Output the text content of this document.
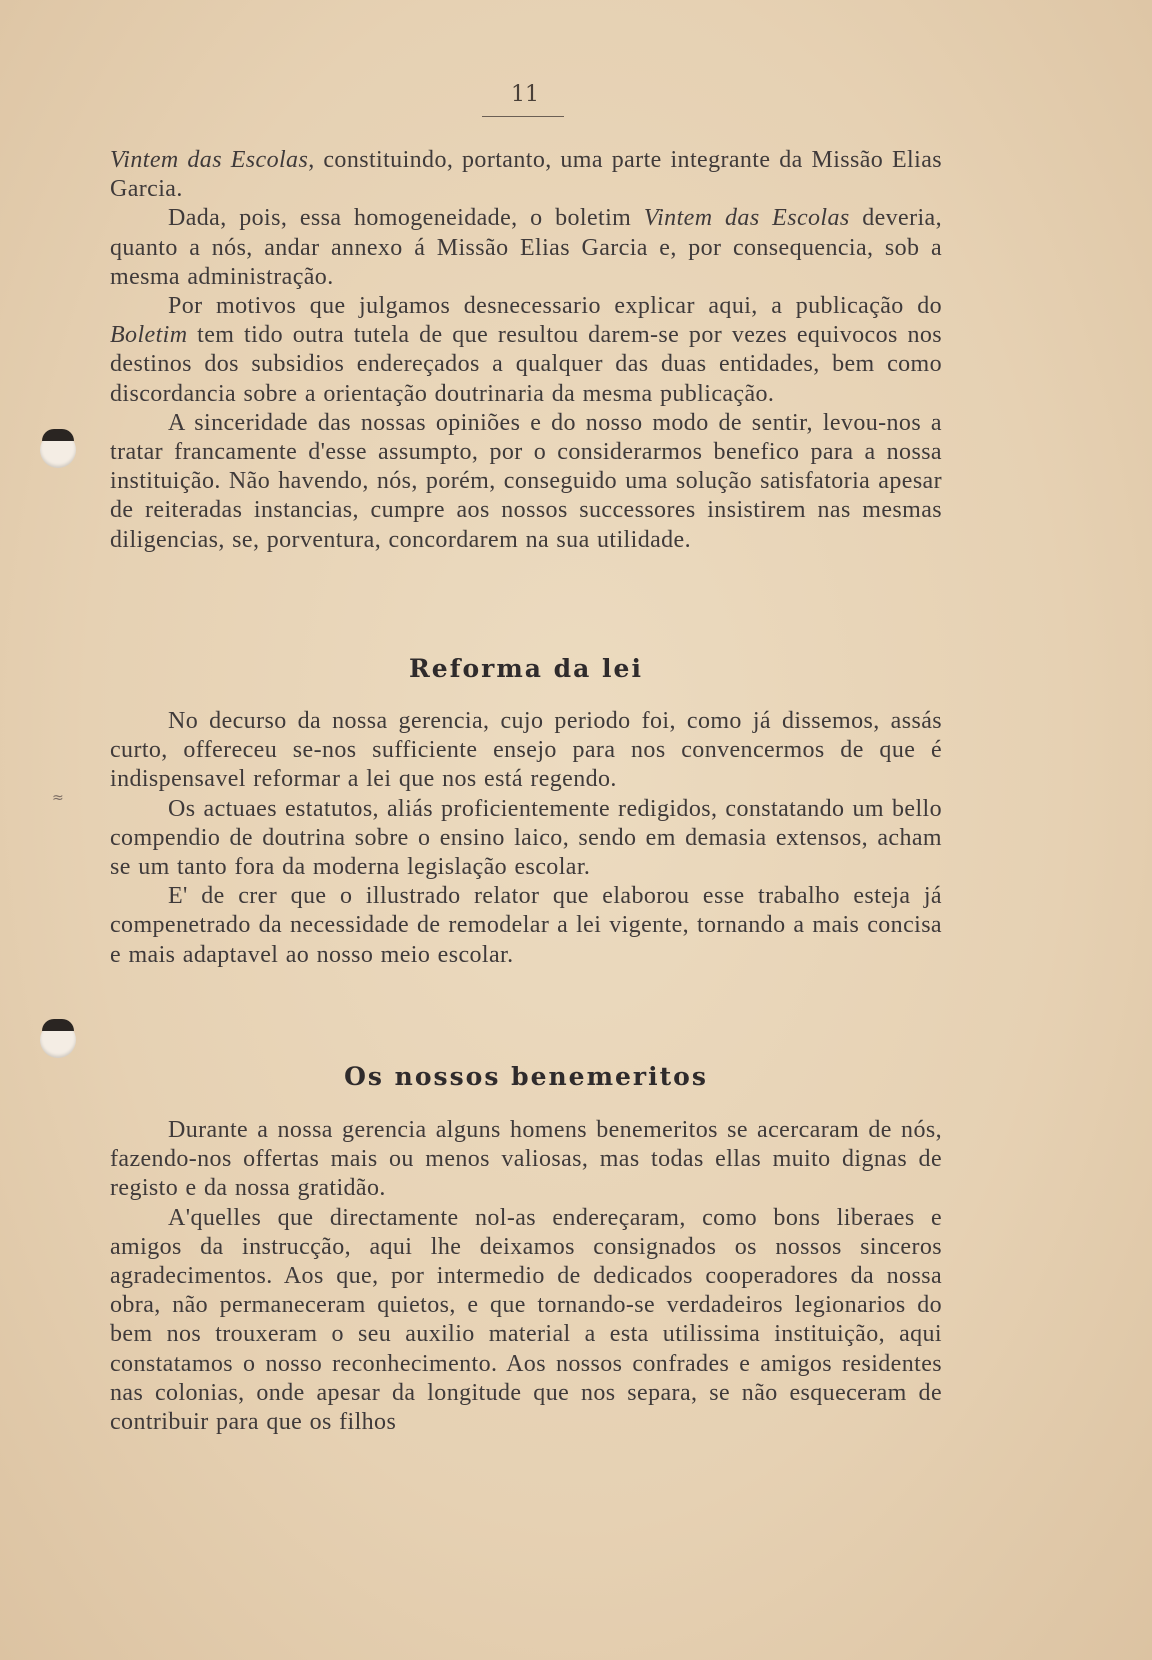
11
≈

Vintem das Escolas, constituindo, portanto, uma parte integrante da Missão Elias Garcia.

Dada, pois, essa homogeneidade, o boletim Vintem das Escolas deveria, quanto a nós, andar annexo á Missão Elias Garcia e, por consequencia, sob a mesma administração.

Por motivos que julgamos desnecessario explicar aqui, a publicação do Boletim tem tido outra tutela de que resultou darem-se por vezes equivocos nos destinos dos subsidios endereçados a qualquer das duas entidades, bem como discordancia sobre a orientação doutrinaria da mesma publicação.

A sinceridade das nossas opiniões e do nosso modo de sentir, levou-nos a tratar francamente d'esse assumpto, por o considerarmos benefico para a nossa instituição. Não havendo, nós, porém, conseguido uma solução satisfatoria apesar de reiteradas instancias, cumpre aos nossos successores insistirem nas mesmas diligencias, se, porventura, concordarem na sua utilidade.

Reforma da lei

No decurso da nossa gerencia, cujo periodo foi, como já dissemos, assás curto, offereceu se-nos sufficiente ensejo para nos convencermos de que é indispensavel reformar a lei que nos está regendo.

Os actuaes estatutos, aliás proficientemente redigidos, constatando um bello compendio de doutrina sobre o ensino laico, sendo em demasia extensos, acham se um tanto fora da moderna legislação escolar.

E' de crer que o illustrado relator que elaborou esse trabalho esteja já compenetrado da necessidade de remodelar a lei vigente, tornando a mais concisa e mais adaptavel ao nosso meio escolar.

Os nossos benemeritos

Durante a nossa gerencia alguns homens benemeritos se acercaram de nós, fazendo-nos offertas mais ou menos valiosas, mas todas ellas muito dignas de registo e da nossa gratidão.

A'quelles que directamente nol-as endereçaram, como bons liberaes e amigos da instrucção, aqui lhe deixamos consignados os nossos sinceros agradecimentos. Aos que, por intermedio de dedicados cooperadores da nossa obra, não permaneceram quietos, e que tornando-se verdadeiros legionarios do bem nos trouxeram o seu auxilio material a esta utilissima instituição, aqui constatamos o nosso reconhecimento. Aos nossos confrades e amigos residentes nas colonias, onde apesar da longitude que nos separa, se não esqueceram de contribuir para que os filhos
